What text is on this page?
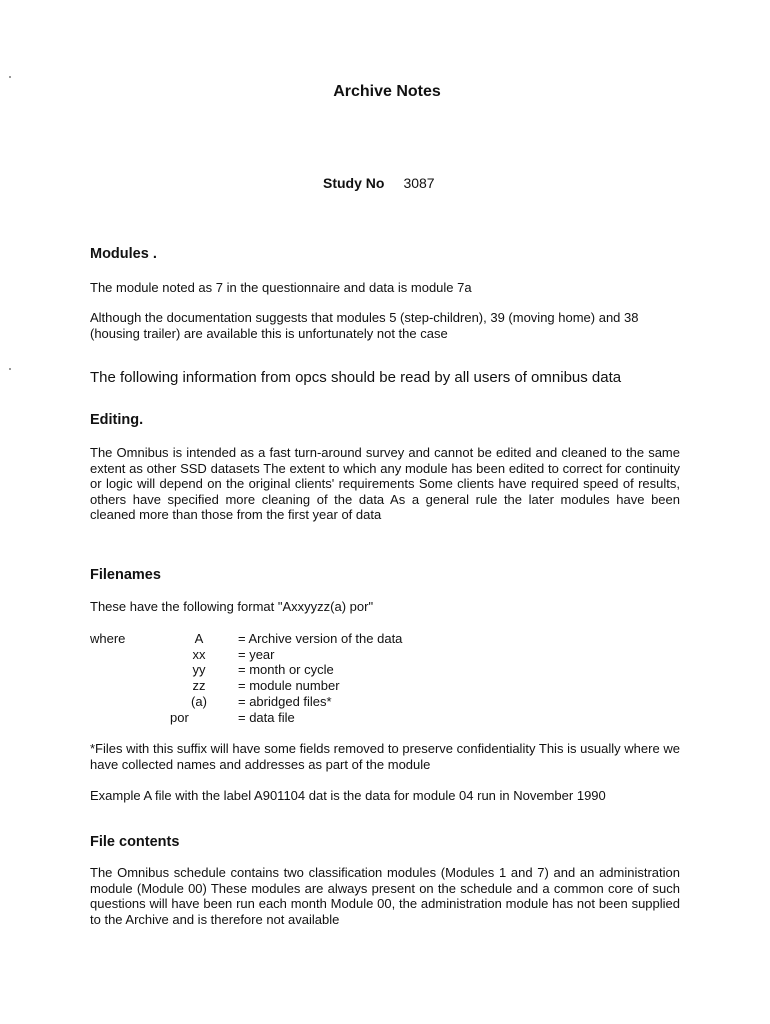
Archive Notes
Study No 3087
Modules .
The module noted as 7 in the questionnaire and data is module 7a
Although the documentation suggests that modules 5 (step-children), 39 (moving home) and 38 (housing trailer) are available this is unfortunately not the case
The following information from opcs should be read by all users of omnibus data
Editing.
The Omnibus is intended as a fast turn-around survey and cannot be edited and cleaned to the same extent as other SSD datasets The extent to which any module has been edited to correct for continuity or logic will depend on the original clients' requirements Some clients have required speed of results, others have specified more cleaning of the data As a general rule the later modules have been cleaned more than those from the first year of data
Filenames
These have the following format "Axxyyzz(a) por"
where	A	= Archive version of the data
	xx	= year
	yy	= month or cycle
	zz	= module number
	(a)	= abridged files*
	por	= data file
*Files with this suffix will have some fields removed to preserve confidentiality This is usually where we have collected names and addresses as part of the module
Example A file with the label A901104 dat is the data for module 04 run in November 1990
File contents
The Omnibus schedule contains two classification modules (Modules 1 and 7) and an administration module (Module 00) These modules are always present on the schedule and a common core of such questions will have been run each month Module 00, the administration module has not been supplied to the Archive and is therefore not available
